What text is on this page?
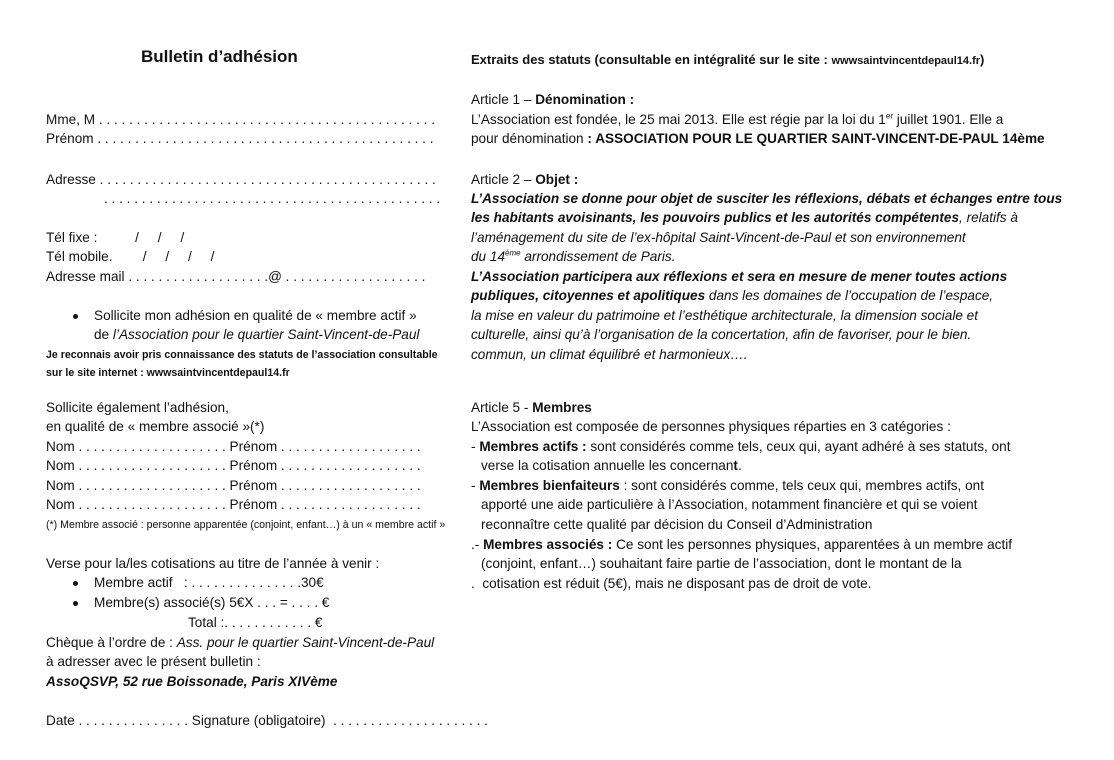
Bulletin d’adhésion
Mme, M . . . . . . . . . . . . . . . . . . . . . . . . . . . . . . . . . . . . . . . . . . . . .
Prénom . . . . . . . . . . . . . . . . . . . . . . . . . . . . . . . . . . . . . . . . . . . . .
Adresse . . . . . . . . . . . . . . . . . . . . . . . . . . . . . . . . . . . . . . . . . . . . .
. . . . . . . . . . . . . . . . . . . . . . . . . . . . . . . . . . . . . . . . . . . . .
Tél fixe :          /     /     /
Tél mobile.        /     /     /     /
Adresse mail . . . . . . . . . . . . . . . . . . .@ . . . . . . . . . . . . . . . . . . .
Sollicite mon adhésion en qualité de « membre actif »
de l’Association pour le quartier Saint-Vincent-de-Paul
Je reconnais avoir pris connaissance des statuts de l’association consultable
sur le site internet : wwwsaintvincentdepaul14.fr
Sollicite également l’adhésion,
en qualité de « membre associé »(*)
Nom . . . . . . . . . . . . . . . . . . . . Prénom . . . . . . . . . . . . . . . . . . .
Nom . . . . . . . . . . . . . . . . . . . . Prénom . . . . . . . . . . . . . . . . . . .
Nom . . . . . . . . . . . . . . . . . . . . Prénom . . . . . . . . . . . . . . . . . . .
Nom . . . . . . . . . . . . . . . . . . . . Prénom . . . . . . . . . . . . . . . . . . .
(*) Membre associé : personne apparentée (conjoint, enfant…) à un « membre actif »
Verse pour la/les cotisations au titre de l’année à venir :
Membre actif   : . . . . . . . . . . . . . . .30€
Membre(s) associé(s) 5€X . . . = . . . . €
Total :. . . . . . . . . . . . €
Chèque à l’ordre de : Ass. pour le quartier Saint-Vincent-de-Paul
à adresser avec le présent bulletin :
AssoQSVP, 52 rue Boissonade, Paris XIVème
Date . . . . . . . . . . . . . . . Signature (obligatoire)  . . . . . . . . . . . . . . . . . . . . .
Extraits des statuts (consultable en intégralité sur le site : wwwsaintvincentdepaul14.fr)
Article 1 – Dénomination :
L’Association est fondée, le 25 mai 2013. Elle est régie par la loi du 1er juillet 1901. Elle a
pour dénomination : ASSOCIATION POUR LE QUARTIER SAINT-VINCENT-DE-PAUL 14ème
Article 2 – Objet :
L’Association se donne pour objet de susciter les réflexions, débats et échanges entre tous
les habitants avoisinants, les pouvoirs publics et les autorités compétentes, relatifs à
l’aménagement du site de l’ex-hôpital Saint-Vincent-de-Paul et son environnement
du 14ème arrondissement de Paris.
L’Association participera aux réflexions et sera en mesure de mener toutes actions
publiques, citoyennes et apolitiques dans les domaines de l’occupation de l’espace,
la mise en valeur du patrimoine et l’esthétique architecturale, la dimension sociale et
culturelle, ainsi qu’à l’organisation de la concertation, afin de favoriser, pour le bien.
commun, un climat équilibré et harmonieux….
Article 5 - Membres
L’Association est composée de personnes physiques réparties en 3 catégories :
- Membres actifs : sont considérés comme tels, ceux qui, ayant adhéré à ses statuts, ont
verse la cotisation annuelle les concernant.
- Membres bienfaiteurs : sont considérés comme, tels ceux qui, membres actifs, ont
apporté une aide particulière à l’Association, notamment financière et qui se voient
reconnaître cette qualité par décision du Conseil d’Administration
.- Membres associés : Ce sont les personnes physiques, apparentées à un membre actif
(conjoint, enfant…) souhaitant faire partie de l’association, dont le montant de la
.  cotisation est réduit (5€), mais ne disposant pas de droit de vote.
